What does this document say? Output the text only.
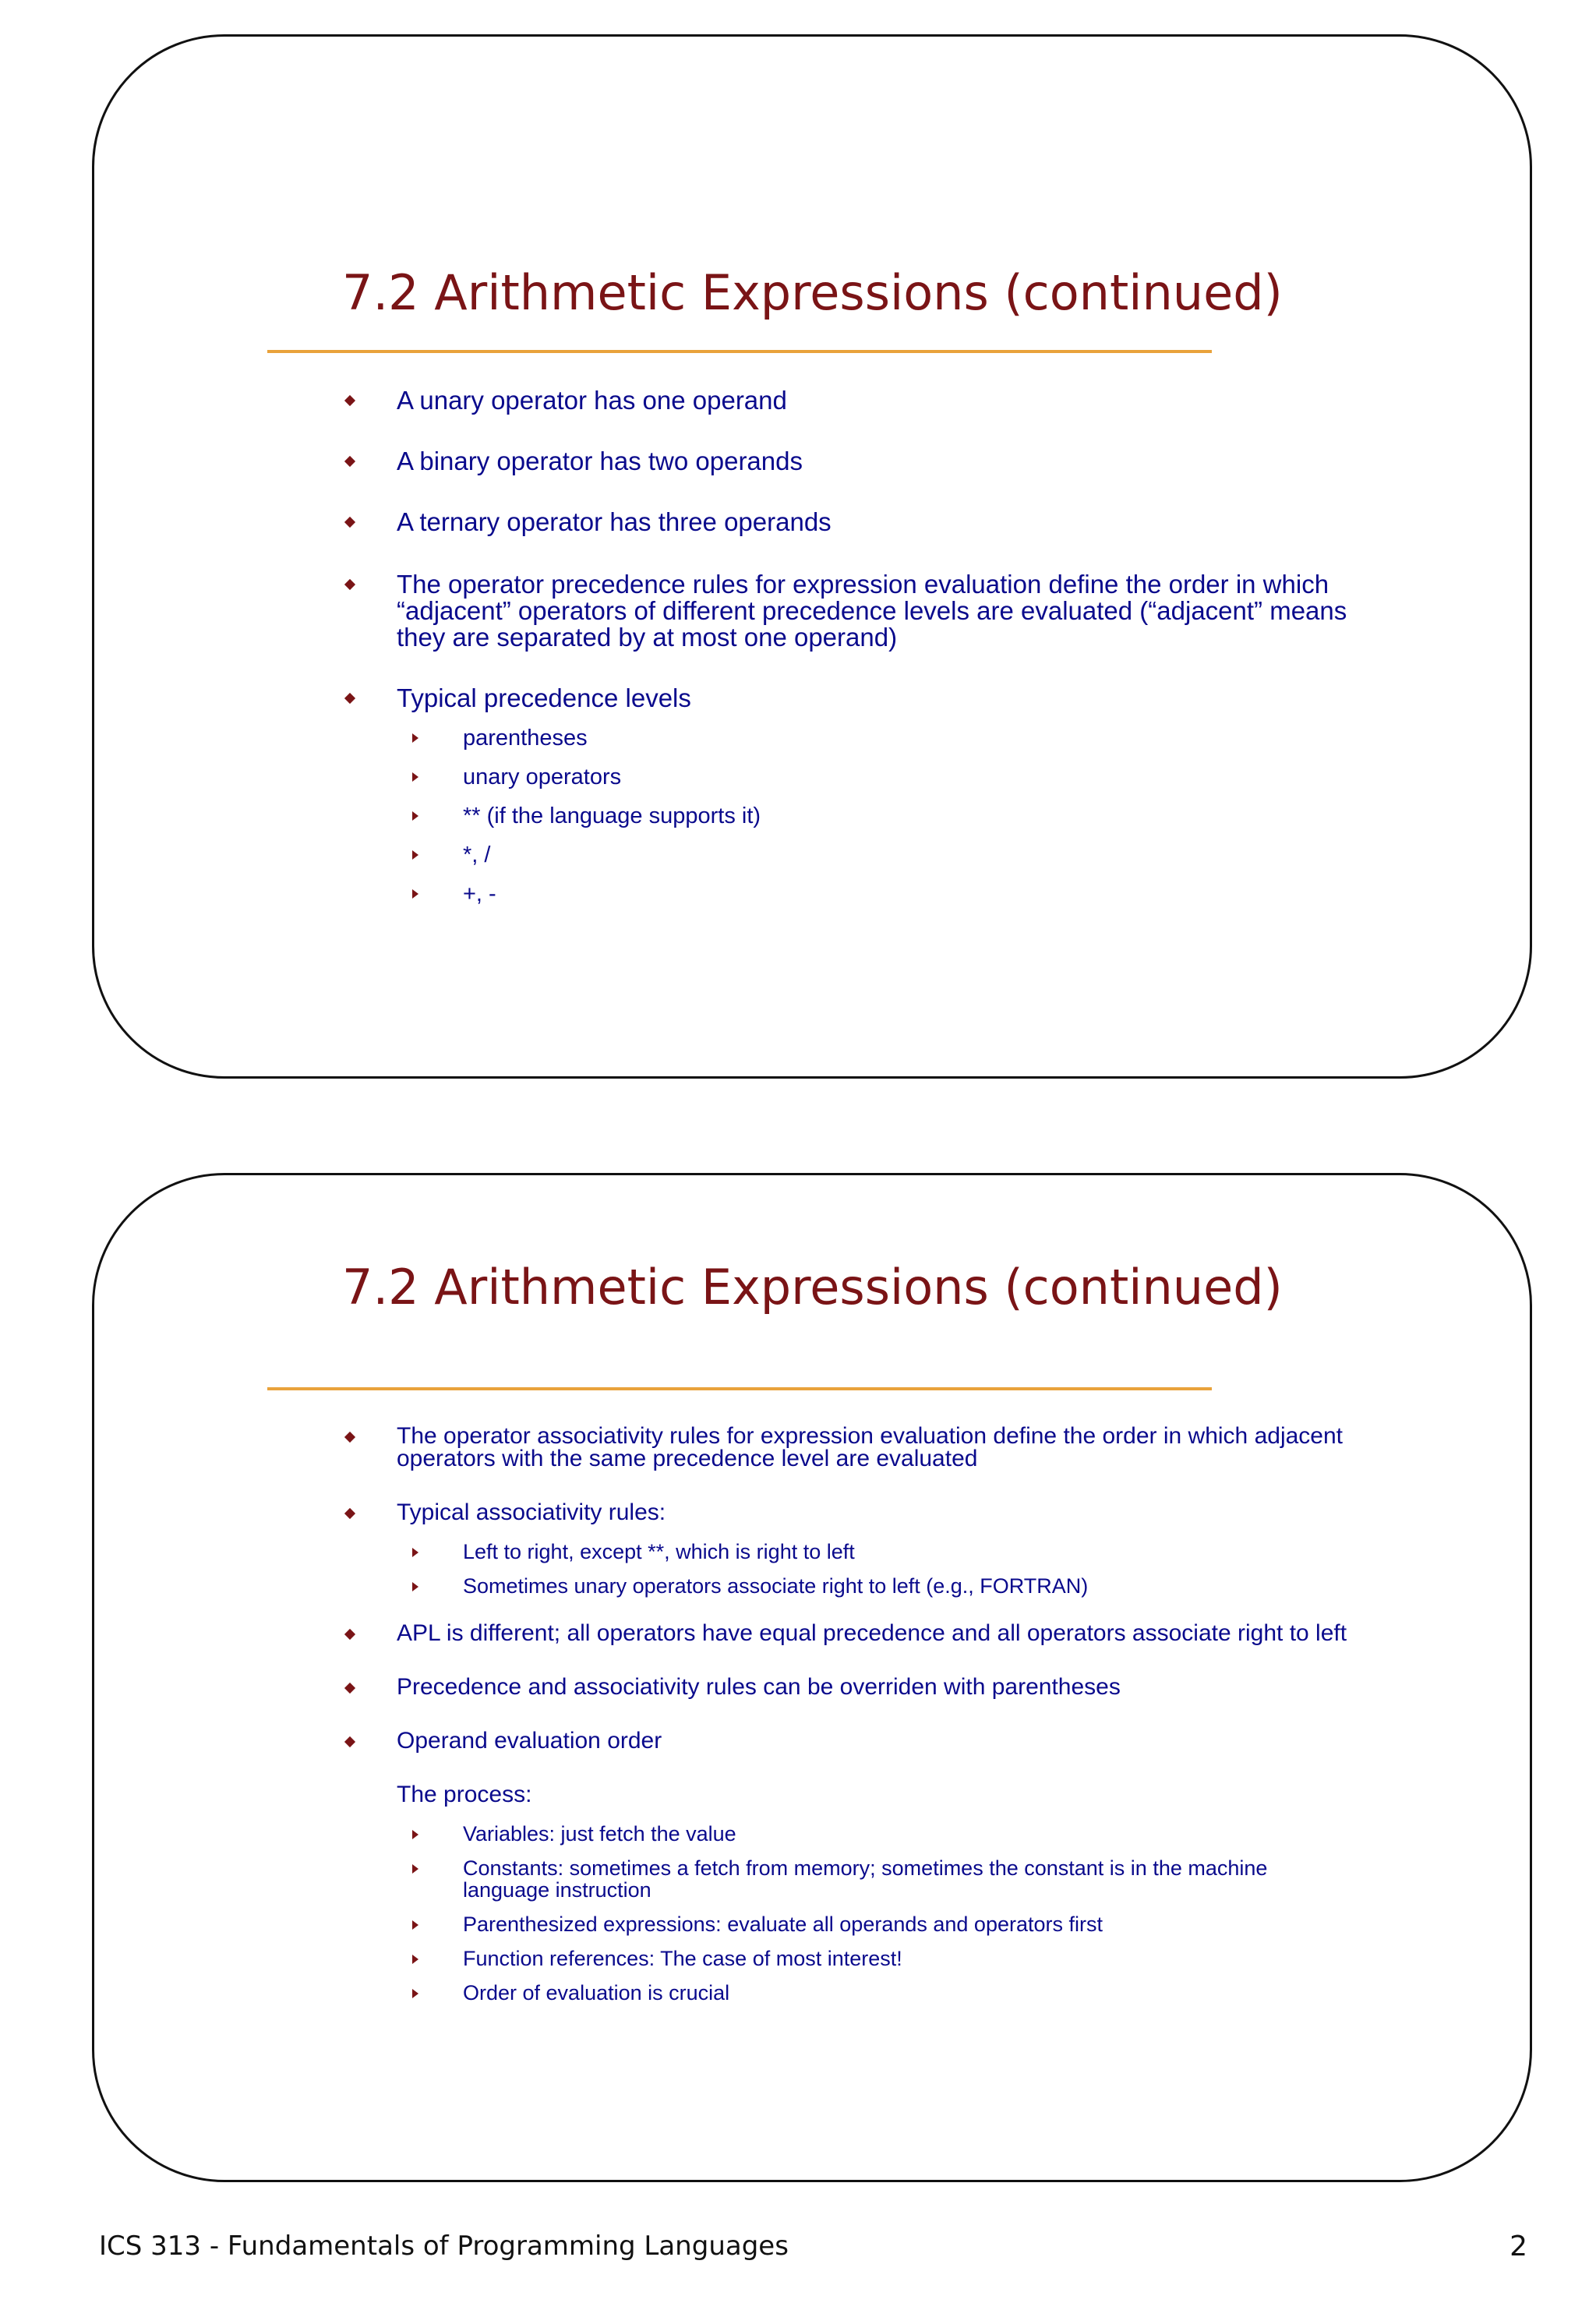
7.2 Arithmetic Expressions (continued)
A unary operator has one operand
A binary operator has two operands
A ternary operator has three operands
The operator precedence rules for expression evaluation define the order in which “adjacent” operators of different precedence levels are evaluated (“adjacent” means they are separated by at most one operand)
Typical precedence levels
parentheses
unary operators
** (if the language supports it)
*, /
+, -
7.2 Arithmetic Expressions (continued)
The operator associativity rules for expression evaluation define the order in which adjacent operators with the same precedence level are evaluated
Typical associativity rules:
Left to right, except **, which is right to left
Sometimes unary operators associate right to left (e.g., FORTRAN)
APL is different; all operators have equal precedence and all operators associate right to left
Precedence and associativity rules can be overriden with parentheses
Operand evaluation order
The process:
Variables: just fetch the value
Constants: sometimes a fetch from memory; sometimes the constant is in the machine language instruction
Parenthesized expressions: evaluate all operands and operators first
Function references: The case of most interest!
Order of evaluation is crucial
ICS 313 - Fundamentals of Programming Languages	2
